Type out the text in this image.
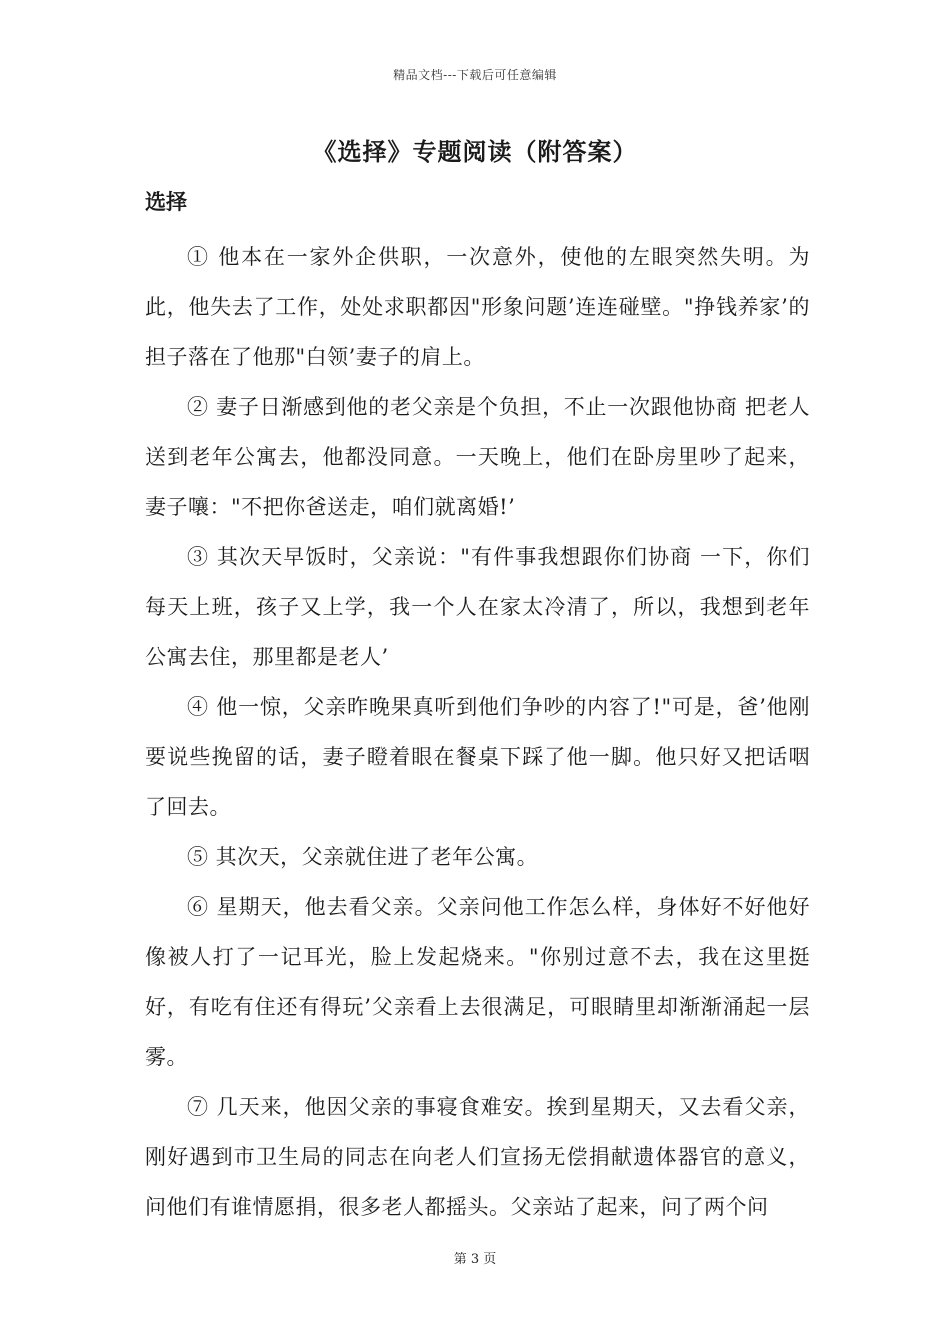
精品文档---下载后可任意编辑
《选择》专题阅读（附答案）
选择

① 他本在一家外企供职，一次意外，使他的左眼突然失明。为此，他失去了工作，处处求职都因"形象问题’连连碰壁。"挣钱养家’的担子落在了他那"白领’妻子的肩上。

② 妻子日渐感到他的老父亲是个负担，不止一次跟他协商 把老人送到老年公寓去，他都没同意。一天晚上，他们在卧房里吵了起来，妻子嚷："不把你爸送走，咱们就离婚!’

③ 其次天早饭时，父亲说："有件事我想跟你们协商 一下，你们每天上班，孩子又上学，我一个人在家太冷清了，所以，我想到老年公寓去住，那里都是老人’

④ 他一惊，父亲昨晚果真听到他们争吵的内容了!"可是，爸’他刚要说些挽留的话，妻子瞪着眼在餐桌下踩了他一脚。他只好又把话咽了回去。

⑤ 其次天，父亲就住进了老年公寓。

⑥ 星期天，他去看父亲。父亲问他工作怎么样，身体好不好他好像被人打了一记耳光，脸上发起烧来。"你别过意不去，我在这里挺好，有吃有住还有得玩’父亲看上去很满足，可眼睛里却渐渐涌起一层雾。

⑦ 几天来，他因父亲的事寝食难安。挨到星期天，又去看父亲，刚好遇到市卫生局的同志在向老人们宣扬无偿捐献遗体器官的意义，问他们有谁情愿捐，很多老人都摇头。父亲站了起来，问了两个问

第 3 页
